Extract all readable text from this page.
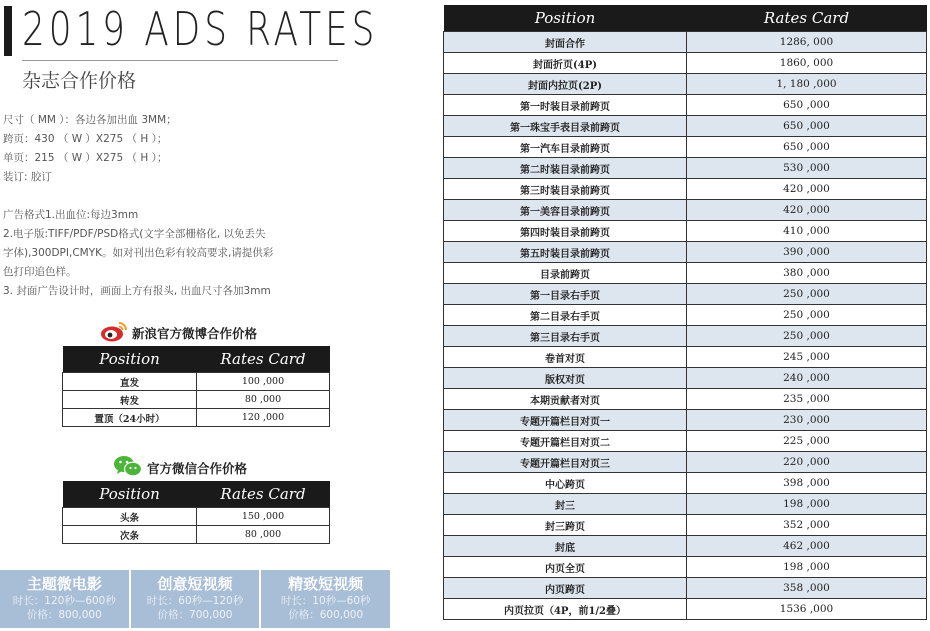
2019 ADS RATES
杂志合作价格
尺寸（ MM ）：各边各加出血 3MM；
跨页：430 （ W ）X275 （ H ）；
单页：215 （ W ）X275 （ H ）；
装订: 胶订
广告格式1.出血位:每边3mm
2.电子版:TIFF/PDF/PSD格式(文字全部栅格化, 以免丢失
字体),300DPI,CMYK。如对刊出色彩有较高要求,请提供彩
色打印追色样。
3. 封面广告设计时，画面上方有报头, 出血尺寸各加3mm
新浪官方微博合作价格
Position	Rates Card
直发	100 ,000
转发	80 ,000
置顶（24小时）	120 ,000
官方微信合作价格
Position	Rates Card
头条	150 ,000
次条	80 ,000
主题微电影
时长：120秒—600秒
价格：800,000
创意短视频
时长：60秒—120秒
价格：700,000
精致短视频
时长：10秒—60秒
价格：600,000
Position	Rates Card
封面合作	1286, 000
封面折页(4P)	1860, 000
封面内拉页(2P)	1, 180 ,000
第一时装目录前跨页	650 ,000
第一珠宝手表目录前跨页	650 ,000
第一汽车目录前跨页	650 ,000
第二时装目录前跨页	530 ,000
第三时装目录前跨页	420 ,000
第一美容目录前跨页	420 ,000
第四时装目录前跨页	410 ,000
第五时装目录前跨页	390 ,000
目录前跨页	380 ,000
第一目录右手页	250 ,000
第二目录右手页	250 ,000
第三目录右手页	250 ,000
卷首对页	245 ,000
版权对页	240 ,000
本期贡献者对页	235 ,000
专题开篇栏目对页一	230 ,000
专题开篇栏目对页二	225 ,000
专题开篇栏目对页三	220 ,000
中心跨页	398 ,000
封三	198 ,000
封三跨页	352 ,000
封底	462 ,000
内页全页	198 ,000
内页跨页	358 ,000
内页拉页（4P，前1/2叠）	1536 ,000
